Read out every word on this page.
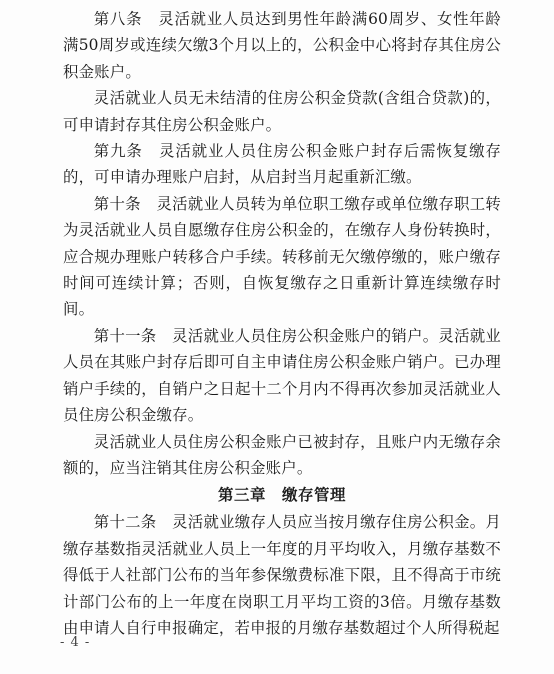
第八条　灵活就业人员达到男性年龄满60周岁、女性年龄满50周岁或连续欠缴3个月以上的，公积金中心将封存其住房公积金账户。

灵活就业人员无未结清的住房公积金贷款(含组合贷款)的，可申请封存其住房公积金账户。

第九条　灵活就业人员住房公积金账户封存后需恢复缴存的，可申请办理账户启封，从启封当月起重新汇缴。

第十条　灵活就业人员转为单位职工缴存或单位缴存职工转为灵活就业人员自愿缴存住房公积金的，在缴存人身份转换时，应合规办理账户转移合户手续。转移前无欠缴停缴的，账户缴存时间可连续计算；否则，自恢复缴存之日重新计算连续缴存时间。

第十一条　灵活就业人员住房公积金账户的销户。灵活就业人员在其账户封存后即可自主申请住房公积金账户销户。已办理销户手续的，自销户之日起十二个月内不得再次参加灵活就业人员住房公积金缴存。

灵活就业人员住房公积金账户已被封存，且账户内无缴存余额的，应当注销其住房公积金账户。

第三章　缴存管理

第十二条　灵活就业缴存人员应当按月缴存住房公积金。月缴存基数指灵活就业人员上一年度的月平均收入，月缴存基数不得低于人社部门公布的当年参保缴费标准下限，且不得高于市统计部门公布的上一年度在岗职工月平均工资的3倍。月缴存基数由申请人自行申报确定，若申报的月缴存基数超过个人所得税起

- 4 -
